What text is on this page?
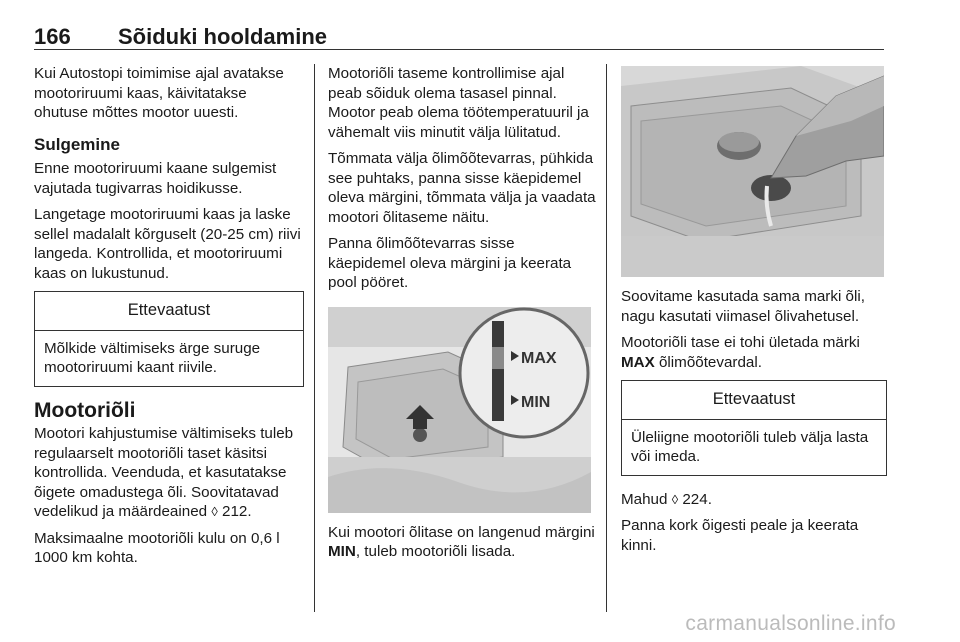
166 Sõiduki hooldamine

Kui Autostopi toimimise ajal avatakse mootoriruumi kaas, käivitatakse ohutuse mõttes mootor uuesti.

Sulgemine

Enne mootoriruumi kaane sulgemist vajutada tugivarras hoidikusse.

Langetage mootoriruumi kaas ja laske sellel madalalt kõrguselt (20-25 cm) riivi langeda. Kontrollida, et mootoriruumi kaas on lukustunud.

Ettevaatust
Mõlkide vältimiseks ärge suruge mootoriruumi kaant riivile.
Mootoriõli

Mootori kahjustumise vältimiseks tuleb regulaarselt mootoriõli taset käsitsi kontrollida. Veenduda, et kasutatakse õigete omadustega õli. Soovitatavad vedelikud ja määrdeained ◊ 212.

Maksimaalne mootoriõli kulu on 0,6 l 1000 km kohta.

Mootoriõli taseme kontrollimise ajal peab sõiduk olema tasasel pinnal. Mootor peab olema töötemperatuuril ja vähemalt viis minutit välja lülitatud.

Tõmmata välja õlimõõtevarras, pühkida see puhtaks, panna sisse käepidemel oleva märgini, tõmmata välja ja vaadata mootori õlitaseme näitu.

Panna õlimõõtevarras sisse käepidemel oleva märgini ja keerata pool pööret.

MAX
MIN

Kui mootori õlitase on langenud märgini MIN, tuleb mootoriõli lisada.

Soovitame kasutada sama marki õli, nagu kasutati viimasel õlivahetusel.

Mootoriõli tase ei tohi ületada märki MAX õlimõõtevardal.

Ettevaatust
Üleliigne mootoriõli tuleb välja lasta või imeda.

Mahud ◊ 224.

Panna kork õigesti peale ja keerata kinni.

carmanualsonline.info
